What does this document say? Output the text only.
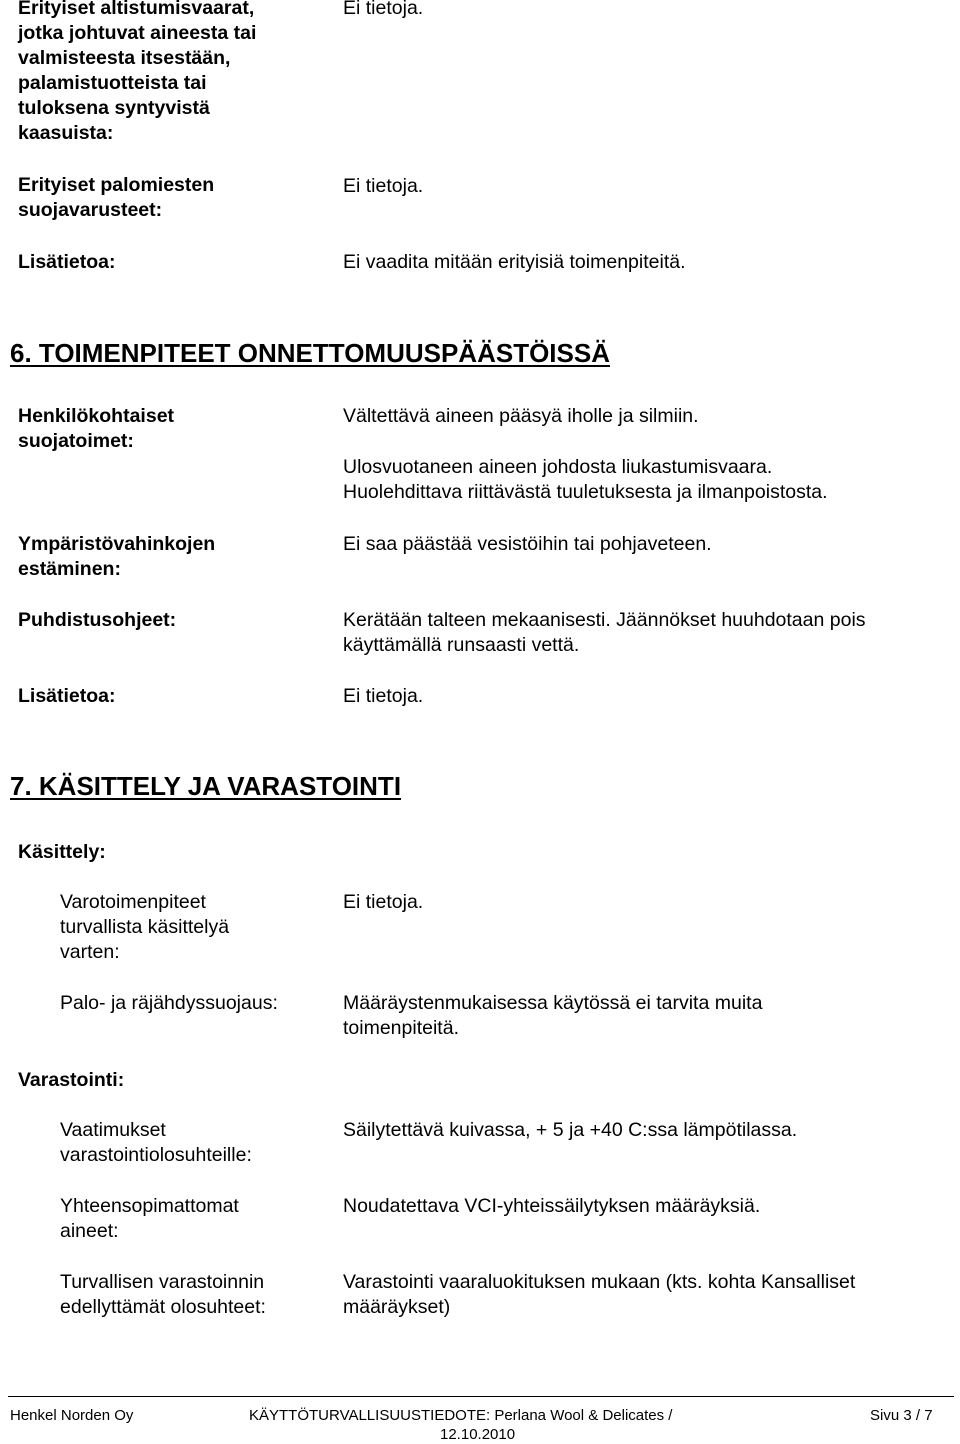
Erityiset altistumisvaarat,
jotka johtuvat aineesta tai
valmisteesta itsestään,
palamistuotteista tai
tuloksena syntyvistä
kaasuista:
Ei tietoja.
Erityiset palomiesten
suojavarusteet:
Ei tietoja.
Lisätietoa:	Ei vaadita mitään erityisiä toimenpiteitä.
6. TOIMENPITEET ONNETTOMUUSPÄÄSTÖISSÄ
Henkilökohtaiset
suojatoimet:
Vältettävä aineen pääsyä iholle ja silmiin.
Ulosvuotaneen aineen johdosta liukastumisvaara.
Huolehdittava riittävästä tuuletuksesta ja ilmanpoistosta.
Ympäristövahinkojen
estäminen:
Ei saa päästää vesistöihin tai pohjaveteen.
Puhdistusohjeet:	Kerätään talteen mekaanisesti. Jäännökset huuhdotaan pois
käyttämällä runsaasti vettä.
Lisätietoa:	Ei tietoja.
7. KÄSITTELY JA VARASTOINTI
Käsittely:
Varotoimenpiteet
turvallista käsittelyä
varten:
Ei tietoja.
Palo- ja räjähdyssuojaus:	Määräystenmukaisessa käytössä ei tarvita muita
toimenpiteitä.
Varastointi:
Vaatimukset
varastointiolosuhteille:
Säilytettävä kuivassa, + 5 ja +40 C:ssa lämpötilassa.
Yhteensopimattomat
aineet:
Noudatettava VCI-yhteissäilytyksen määräyksiä.
Turvallisen varastoinnin
edellyttämät olosuhteet:
Varastointi vaaraluokituksen mukaan (kts. kohta Kansalliset
määräykset)
Henkel Norden Oy	KÄYTTÖTURVALLISUUSTIEDOTE: Perlana Wool & Delicates /
12.10.2010
Sivu 3 / 7
